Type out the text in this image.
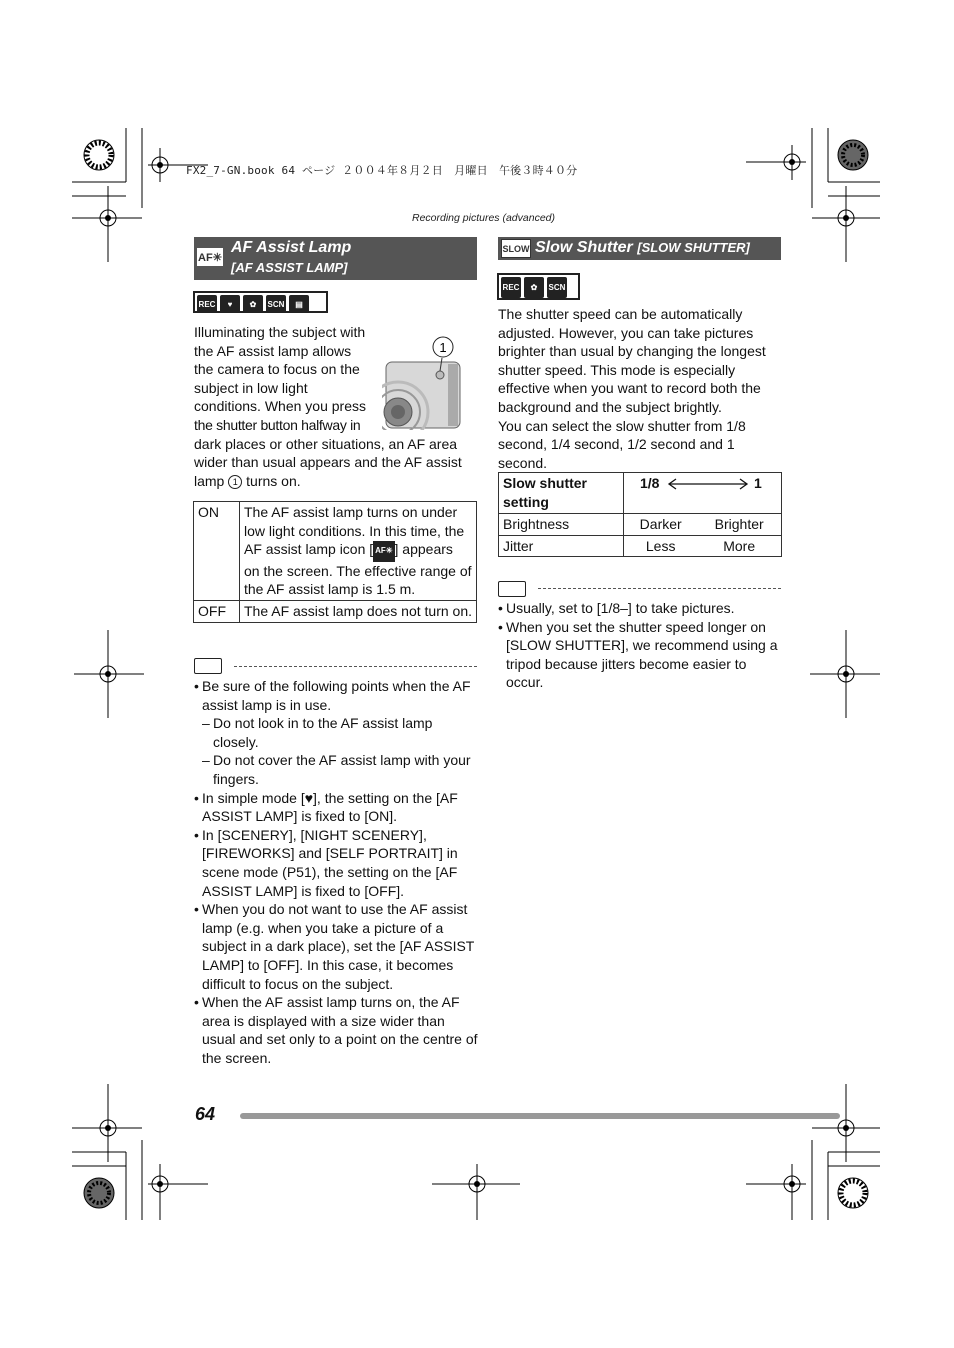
FX2_7-GN.book 64 ページ ２００４年８月２日　月曜日　午後３時４０分
Recording pictures (advanced)
AF✳
AF Assist Lamp
[AF ASSIST LAMP]
REC	♥	✿	SCN	▤
Illuminating the subject with
the AF assist lamp allows
the camera to focus on the
subject in low light
conditions. When you press
the shutter button halfway in
dark places or other situations, an AF area
wider than usual appears and the AF assist
lamp 1 turns on.
1
ON	The AF assist lamp turns on under low light conditions. In this time, the AF assist lamp icon [ AF✳ ] appears on the screen. The effective range of the AF assist lamp is 1.5 m.
OFF	The AF assist lamp does not turn on.
• Be sure of the following points when the AF assist lamp is in use.
– Do not look in to the AF assist lamp closely.
– Do not cover the AF assist lamp with your fingers.
• In simple mode [♥], the setting on the [AF ASSIST LAMP] is fixed to [ON].
• In [SCENERY], [NIGHT SCENERY], [FIREWORKS] and [SELF PORTRAIT] in scene mode (P51), the setting on the [AF ASSIST LAMP] is fixed to [OFF].
• When you do not want to use the AF assist lamp (e.g. when you take a picture of a subject in a dark place), set the [AF ASSIST LAMP] to [OFF]. In this case, it becomes difficult to focus on the subject.
• When the AF assist lamp turns on, the AF area is displayed with a size wider than usual and set only to a point on the centre of the screen.
SLOW Slow Shutter [SLOW SHUTTER]
REC	✿	SCN
The shutter speed can be automatically adjusted. However, you can take pictures brighter than usual by changing the longest shutter speed. This mode is especially effective when you want to record both the background and the subject brightly.
You can select the slow shutter from 1/8 second, 1/4 second, 1/2 second and 1 second.
Slow shutter setting	1/8 1	

Brightness	Darker	Brighter
Jitter	Less	More
• Usually, set to [1/8–] to take pictures.
• When you set the shutter speed longer on [SLOW SHUTTER], we recommend using a tripod because jitters become easier to occur.
64
